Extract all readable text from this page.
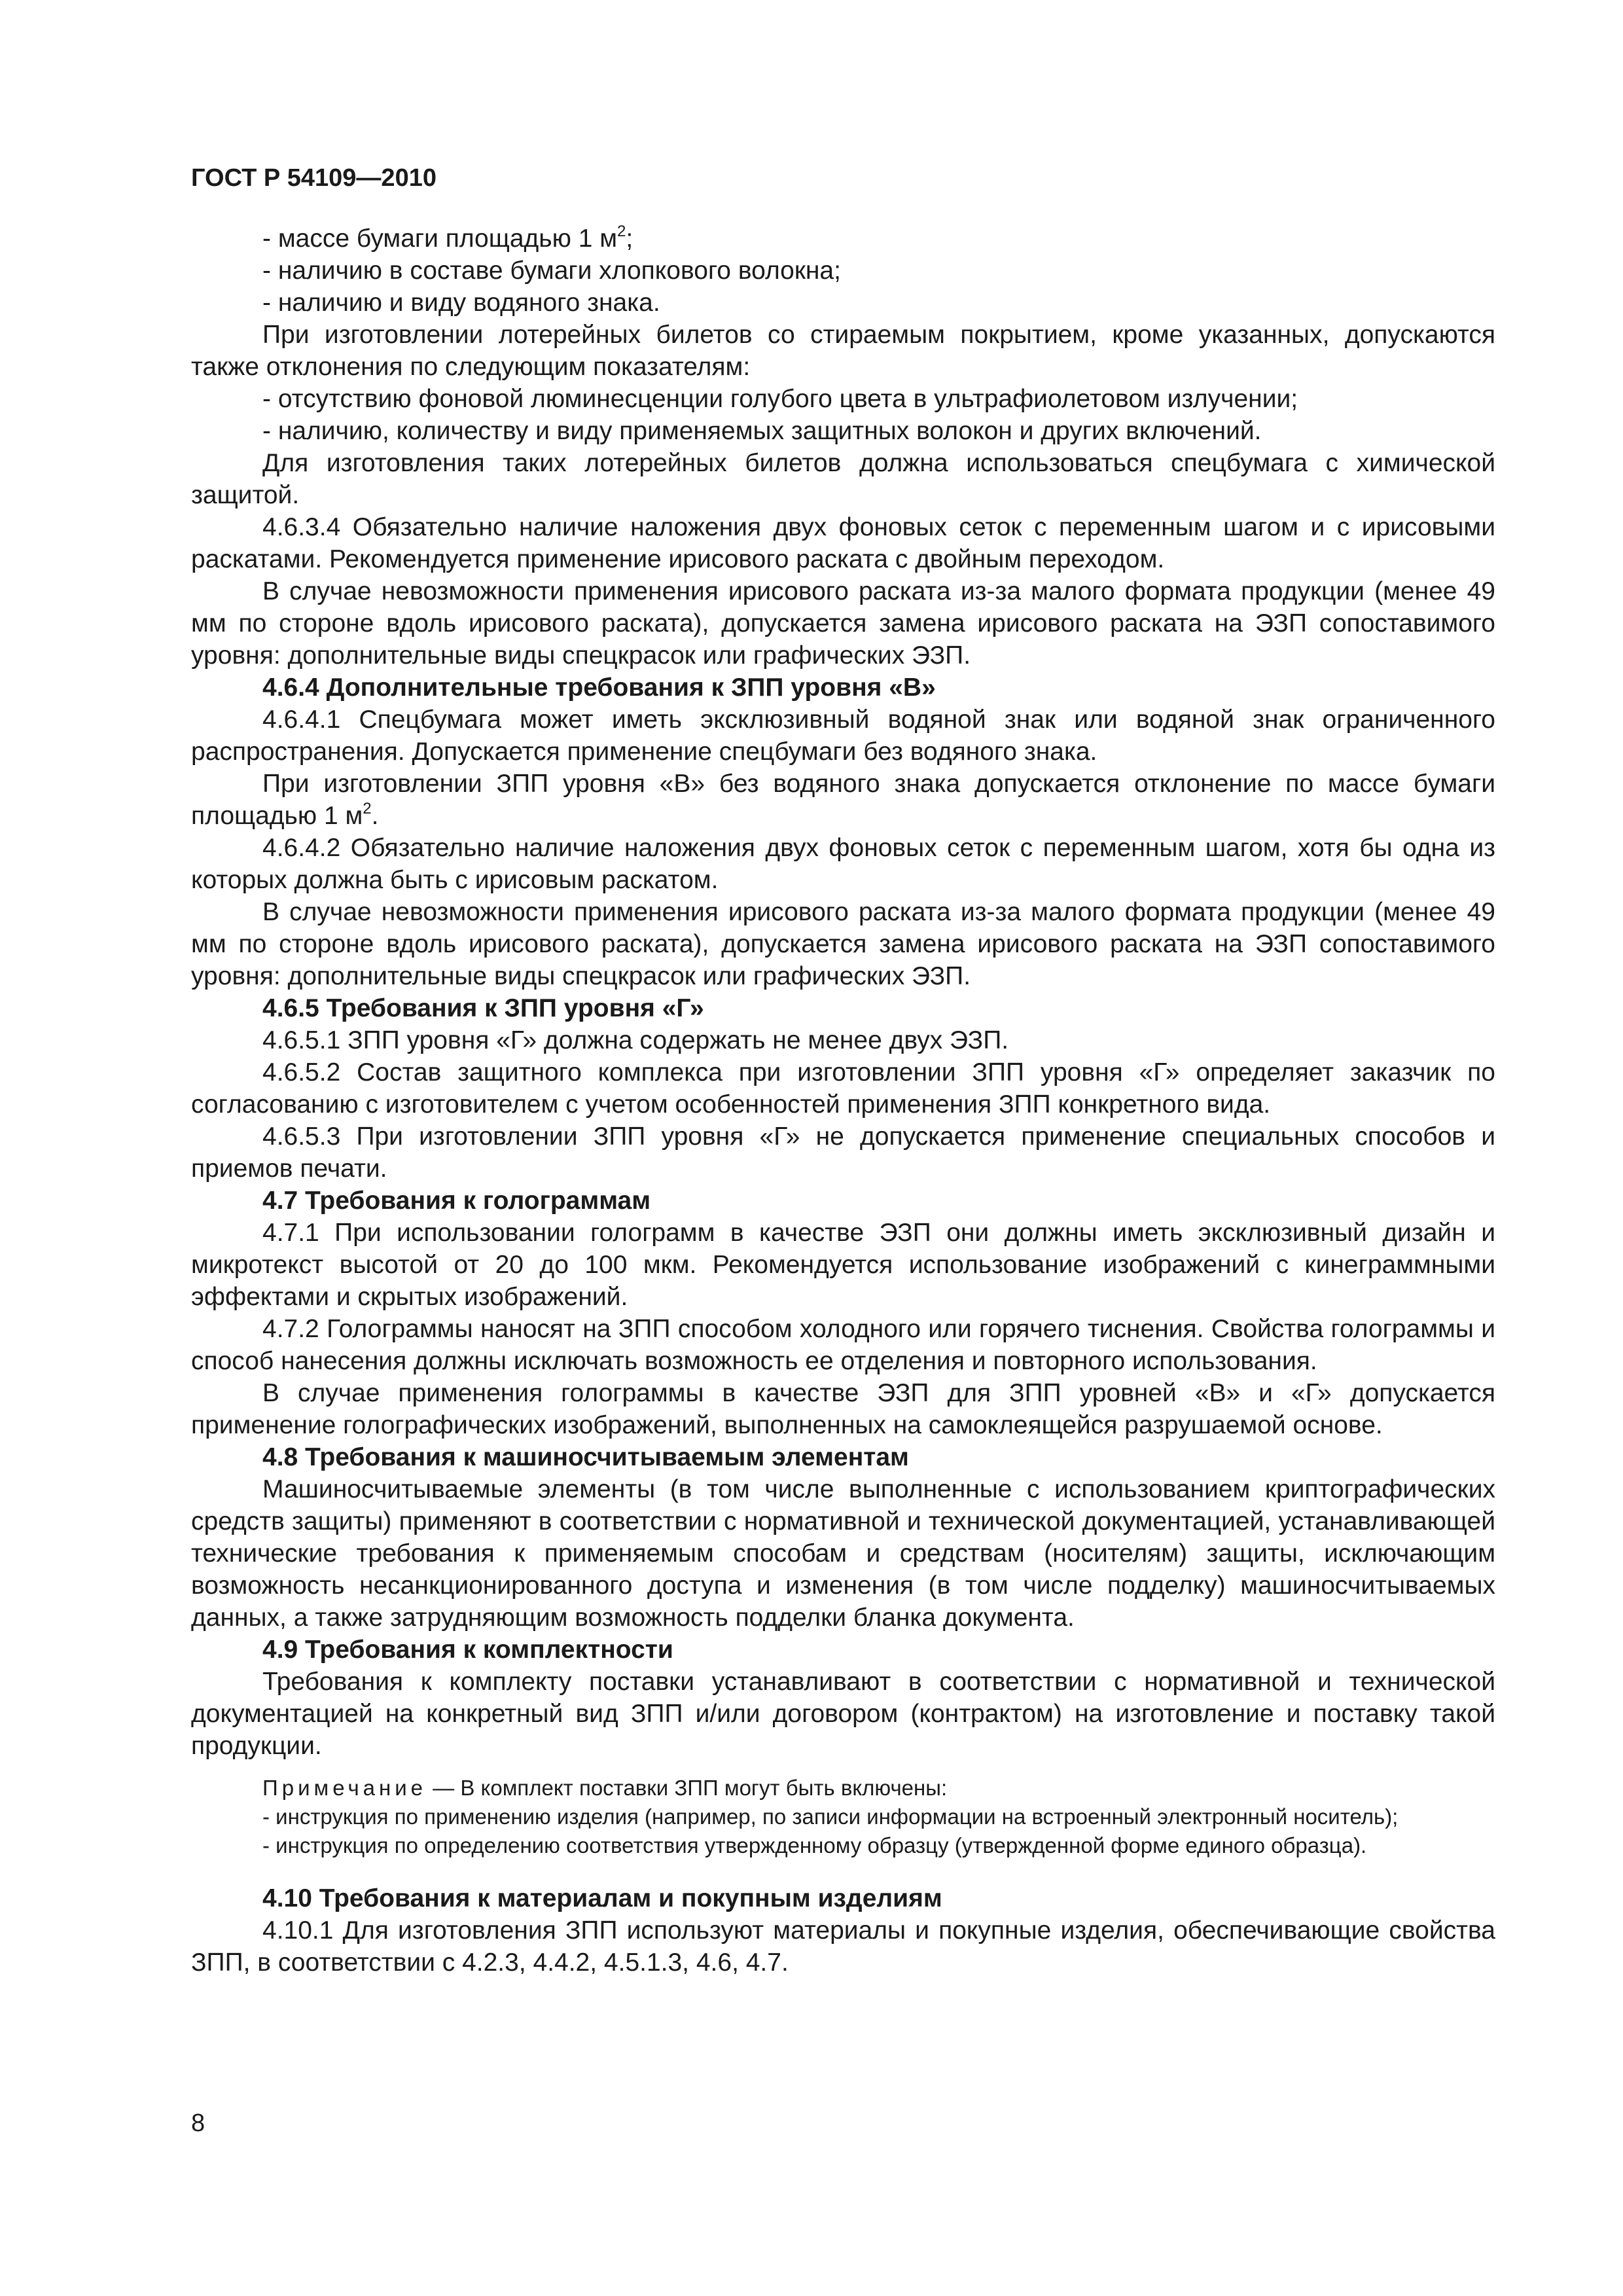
ГОСТ Р 54109—2010

- массе бумаги площадью 1 $м^2$;

- наличию в составе бумаги хлопкового волокна;

- наличию и виду водяного знака.

При изготовлении лотерейных билетов со стираемым покрытием, кроме указанных, допускаются также отклонения по следующим показателям:

- отсутствию фоновой люминесценции голубого цвета в ультрафиолетовом излучении;

- наличию, количеству и виду применяемых защитных волокон и других включений.

Для изготовления таких лотерейных билетов должна использоваться спецбумага с химической защитой.

4.6.3.4 Обязательно наличие наложения двух фоновых сеток с переменным шагом и с ирисовыми раскатами. Рекомендуется применение ирисового раската с двойным переходом.

В случае невозможности применения ирисового раската из-за малого формата продукции (менее 49 мм по стороне вдоль ирисового раската), допускается замена ирисового раската на ЭЗП сопоставимого уровня: дополнительные виды спецкрасок или графических ЭЗП.

4.6.4 Дополнительные требования к ЗПП уровня «В»

4.6.4.1 Спецбумага может иметь эксклюзивный водяной знак или водяной знак ограниченного распространения. Допускается применение спецбумаги без водяного знака.

При изготовлении ЗПП уровня «В» без водяного знака допускается отклонение по массе бумаги площадью 1 $м^2$.

4.6.4.2 Обязательно наличие наложения двух фоновых сеток с переменным шагом, хотя бы одна из которых должна быть с ирисовым раскатом.

В случае невозможности применения ирисового раската из-за малого формата продукции (менее 49 мм по стороне вдоль ирисового раската), допускается замена ирисового раската на ЭЗП сопоставимого уровня: дополнительные виды спецкрасок или графических ЭЗП.

4.6.5 Требования к ЗПП уровня «Г»

4.6.5.1 ЗПП уровня «Г» должна содержать не менее двух ЭЗП.

4.6.5.2 Состав защитного комплекса при изготовлении ЗПП уровня «Г» определяет заказчик по согласованию с изготовителем с учетом особенностей применения ЗПП конкретного вида.

4.6.5.3 При изготовлении ЗПП уровня «Г» не допускается применение специальных способов и приемов печати.

4.7 Требования к голограммам

4.7.1 При использовании голограмм в качестве ЭЗП они должны иметь эксклюзивный дизайн и микротекст высотой от 20 до 100 мкм. Рекомендуется использование изображений с кинеграммными эффектами и скрытых изображений.

4.7.2 Голограммы наносят на ЗПП способом холодного или горячего тиснения. Свойства голограммы и способ нанесения должны исключать возможность ее отделения и повторного использования.

В случае применения голограммы в качестве ЭЗП для ЗПП уровней «В» и «Г» допускается применение голографических изображений, выполненных на самоклеящейся разрушаемой основе.

4.8 Требования к машиносчитываемым элементам

Машиносчитываемые элементы (в том числе выполненные с использованием криптографических средств защиты) применяют в соответствии с нормативной и технической документацией, устанавливающей технические требования к применяемым способам и средствам (носителям) защиты, исключающим возможность несанкционированного доступа и изменения (в том числе подделку) машиносчитываемых данных, а также затрудняющим возможность подделки бланка документа.

4.9 Требования к комплектности

Требования к комплекту поставки устанавливают в соответствии с нормативной и технической документацией на конкретный вид ЗПП и/или договором (контрактом) на изготовление и поставку такой продукции.

Примечание — В комплект поставки ЗПП могут быть включены:

- инструкция по применению изделия (например, по записи информации на встроенный электронный носитель);

- инструкция по определению соответствия утвержденному образцу (утвержденной форме единого образца).

4.10 Требования к материалам и покупным изделиям

4.10.1 Для изготовления ЗПП используют материалы и покупные изделия, обеспечивающие свойства ЗПП, в соответствии с 4.2.3, 4.4.2, 4.5.1.3, 4.6, 4.7.

8
